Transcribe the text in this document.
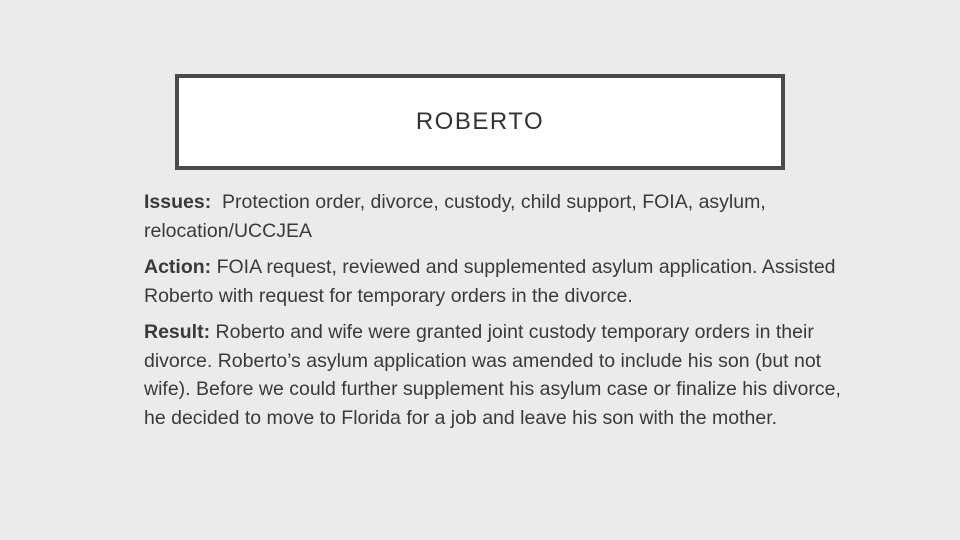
ROBERTO

Issues: Protection order, divorce, custody, child support, FOIA, asylum, relocation/UCCJEA

Action: FOIA request, reviewed and supplemented asylum application. Assisted Roberto with request for temporary orders in the divorce.

Result: Roberto and wife were granted joint custody temporary orders in their divorce. Roberto’s asylum application was amended to include his son (but not wife). Before we could further supplement his asylum case or finalize his divorce, he decided to move to Florida for a job and leave his son with the mother.
